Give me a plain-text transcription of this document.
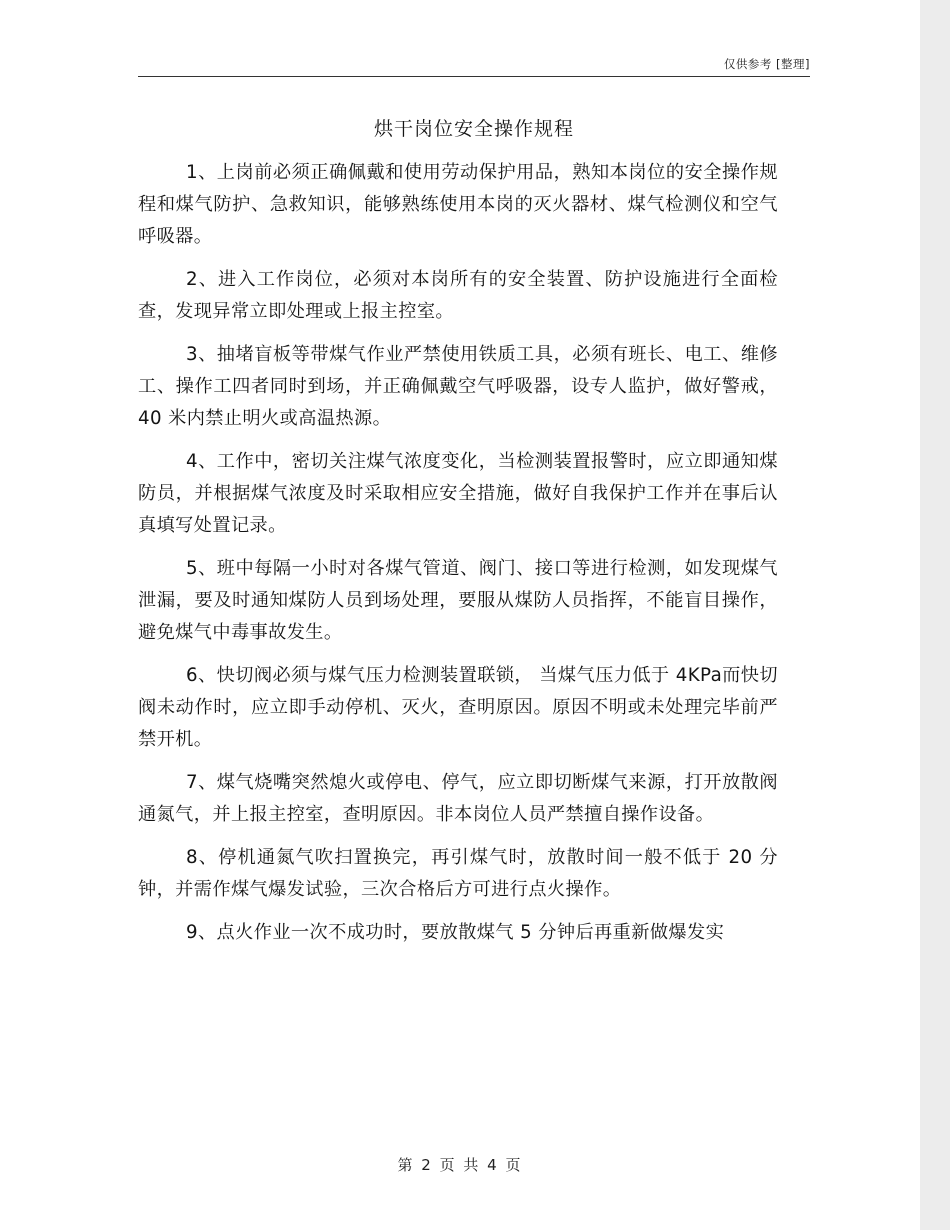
仅供参考 [整理]
烘干岗位安全操作规程

1、上岗前必须正确佩戴和使用劳动保护用品，熟知本岗位的安全操作规程和煤气防护、急救知识，能够熟练使用本岗的灭火器材、煤气检测仪和空气呼吸器。

2、进入工作岗位，必须对本岗所有的安全装置、防护设施进行全面检查，发现异常立即处理或上报主控室。

3、抽堵盲板等带煤气作业严禁使用铁质工具，必须有班长、电工、维修工、操作工四者同时到场，并正确佩戴空气呼吸器，设专人监护，做好警戒， 40 米内禁止明火或高温热源。

4、工作中，密切关注煤气浓度变化，当检测装置报警时，应立即通知煤防员，并根据煤气浓度及时采取相应安全措施，做好自我保护工作并在事后认真填写处置记录。

5、班中每隔一小时对各煤气管道、阀门、接口等进行检测，如发现煤气泄漏，要及时通知煤防人员到场处理，要服从煤防人员指挥，不能盲目操作，避免煤气中毒事故发生。

6、快切阀必须与煤气压力检测装置联锁， 当煤气压力低于 4KPa而快切阀未动作时，应立即手动停机、灭火，查明原因。原因不明或未处理完毕前严禁开机。

7、煤气烧嘴突然熄火或停电、停气，应立即切断煤气来源，打开放散阀通氮气，并上报主控室，查明原因。非本岗位人员严禁擅自操作设备。

8、停机通氮气吹扫置换完，再引煤气时，放散时间一般不低于 20 分钟，并需作煤气爆发试验，三次合格后方可进行点火操作。

9、点火作业一次不成功时，要放散煤气 5 分钟后再重新做爆发实

第 2 页 共 4 页
